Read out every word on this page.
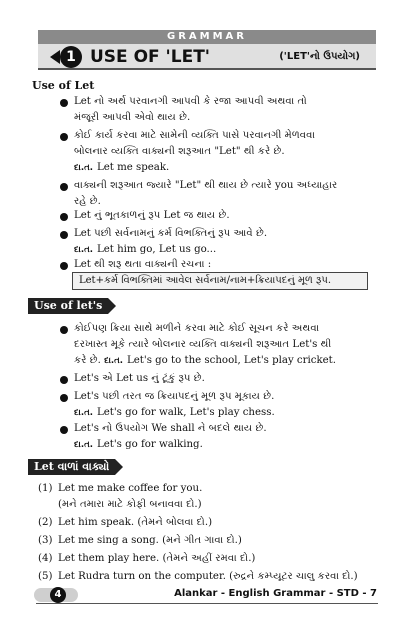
GRAMMAR
1 USE OF 'LET'	('LET'નો ઉપયોગ)
Use of Let
Let નો અર્થ પરવાનગી આપવી કે રજા આપવી અથવા તો
મંજૂરી આપવી એવો થાય છે.
કોઈ કાર્ય કરવા માટે સામેની વ્યક્તિ પાસે પરવાનગી મેળવવા
બોલનાર વ્યક્તિ વાક્યની શરૂઆત "Let" થી કરે છે.
દા.ત. Let me speak.
વાક્યની શરૂઆત જ્યારે "Let" થી થાય છે ત્યારે you અધ્યાહાર
રહે છે.
Let નું ભૂતકાળનું રૂપ Let જ થાય છે.
Let પછી સર્વનામનું કર્મ વિભક્તિનું રૂપ આવે છે.
દા.ત. Let him go, Let us go...
Let થી શરૂ થતા વાક્યની રચના :
Let+કર્મ વિભક્તિમાં આવેલ સર્વનામ/નામ+ક્રિયાપદનું મૂળ રૂપ.
Use of let's
કોઈપણ ક્રિયા સાથે મળીને કરવા માટે કોઈ સૂચન કરે અથવા
દરખાસ્ત મૂકે ત્યારે બોલનાર વ્યક્તિ વાક્યની શરૂઆત Let's થી
કરે છે. દા.ત. Let's go to the school, Let's play cricket.
Let's એ Let us નું ટૂંકું રૂપ છે.
Let's પછી તરત જ ક્રિયાપદનું મૂળ રૂપ મૂકાય છે.
દા.ત. Let's go for walk, Let's play chess.
Let's નો ઉપયોગ We shall ને બદલે થાય છે.
દા.ત. Let's go for walking.
Let વાળાં વાક્યો
(1) Let me make coffee for you.
(મને તમારા માટે કોફી બનાવવા દો.)
(2) Let him speak. (તેમને બોલવા દો.)
(3) Let me sing a song. (મને ગીત ગાવા દો.)
(4) Let them play here. (તેમને અહીં રમવા દો.)
(5) Let Rudra turn on the computer. (રુદ્રને કમ્પ્યૂટર ચાલુ કરવા દો.)
4	Alankar - English Grammar - STD - 7
